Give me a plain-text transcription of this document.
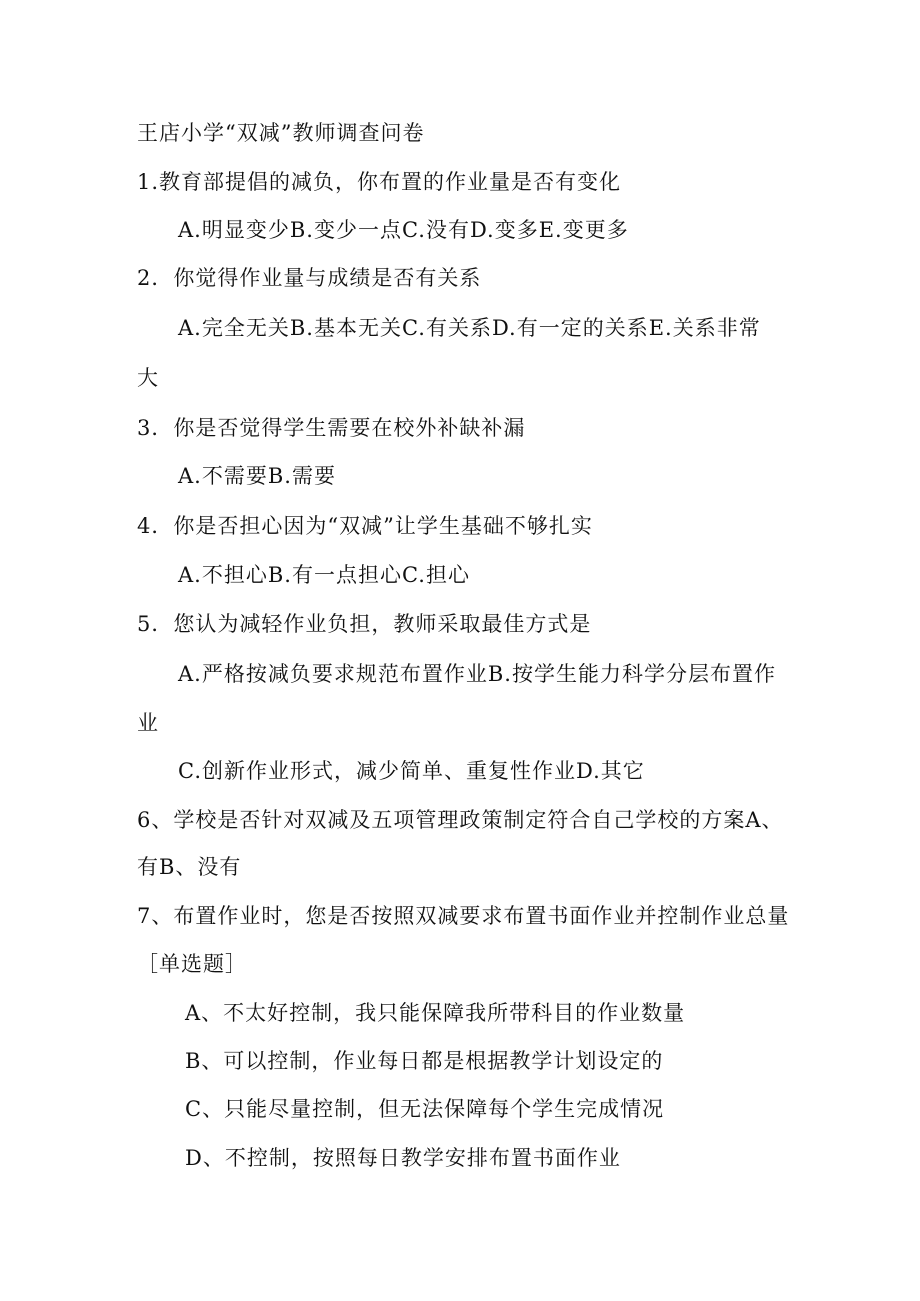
王店小学“双减”教师调查问卷
1.教育部提倡的减负，你布置的作业量是否有变化
A.明显变少B.变少一点C.没有D.变多E.变更多
2．你觉得作业量与成绩是否有关系
A.完全无关B.基本无关C.有关系D.有一定的关系E.关系非常
大
3．你是否觉得学生需要在校外补缺补漏
A.不需要B.需要
4．你是否担心因为“双减”让学生基础不够扎实
A.不担心B.有一点担心C.担心
5．您认为减轻作业负担，教师采取最佳方式是
A.严格按减负要求规范布置作业B.按学生能力科学分层布置作
业
C.创新作业形式，减少简单、重复性作业D.其它
6、学校是否针对双减及五项管理政策制定符合自己学校的方案A、
有B、没有
7、布置作业时，您是否按照双减要求布置书面作业并控制作业总量
［单选题］
A、不太好控制，我只能保障我所带科目的作业数量
B、可以控制，作业每日都是根据教学计划设定的
C、只能尽量控制，但无法保障每个学生完成情况
D、不控制，按照每日教学安排布置书面作业
